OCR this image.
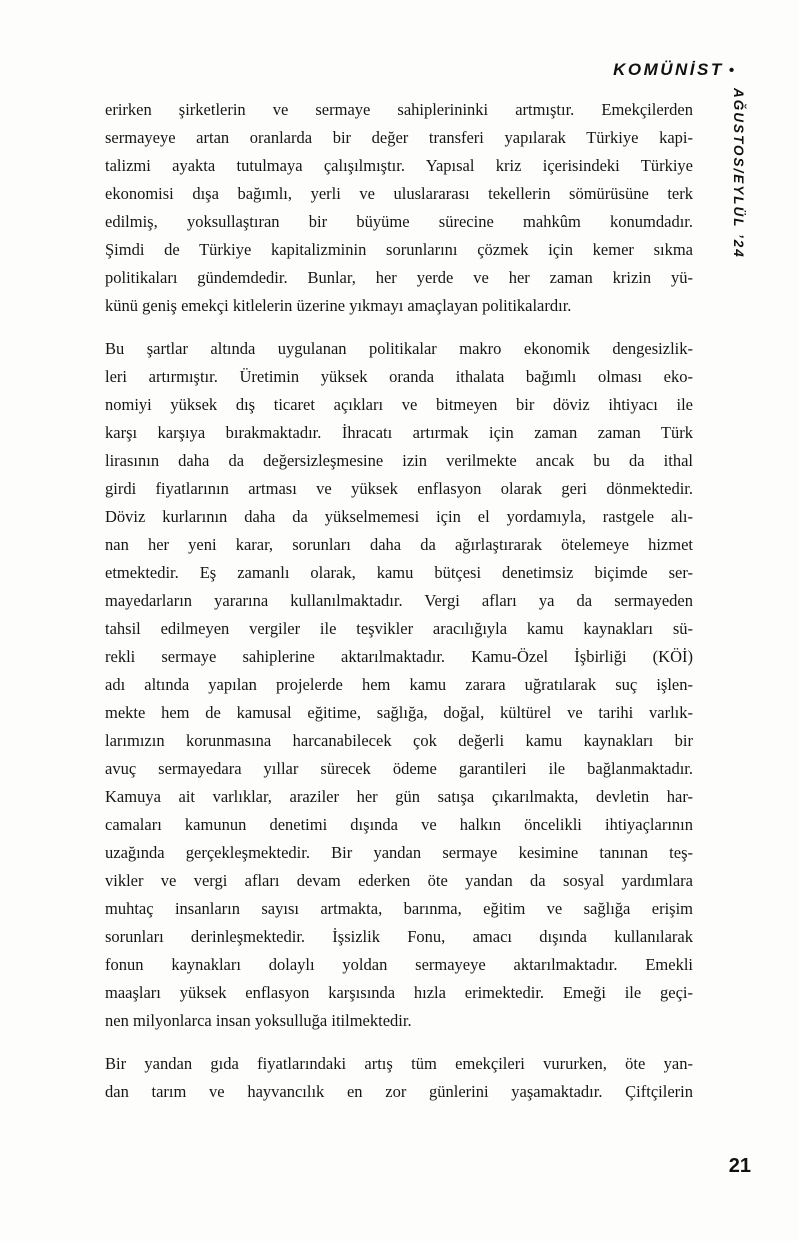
KOMÜNİST •
AĞUSTOS/EYLÜL ’24
erirken şirketlerin ve sermaye sahiplerininki artmıştır. Emekçilerden
sermayeye artan oranlarda bir değer transferi yapılarak Türkiye kapi-
talizmi ayakta tutulmaya çalışılmıştır. Yapısal kriz içerisindeki Türkiye
ekonomisi dışa bağımlı, yerli ve uluslararası tekellerin sömürüsüne terk
edilmiş, yoksullaştıran bir büyüme sürecine mahkûm konumdadır.
Şimdi de Türkiye kapitalizminin sorunlarını çözmek için kemer sıkma
politikaları gündemdedir. Bunlar, her yerde ve her zaman krizin yü-
künü geniş emekçi kitlelerin üzerine yıkmayı amaçlayan politikalardır.
Bu şartlar altında uygulanan politikalar makro ekonomik dengesizlik-
leri artırmıştır. Üretimin yüksek oranda ithalata bağımlı olması eko-
nomiyi yüksek dış ticaret açıkları ve bitmeyen bir döviz ihtiyacı ile
karşı karşıya bırakmaktadır. İhracatı artırmak için zaman zaman Türk
lirasının daha da değersizleşmesine izin verilmekte ancak bu da ithal
girdi fiyatlarının artması ve yüksek enflasyon olarak geri dönmektedir.
Döviz kurlarının daha da yükselmemesi için el yordamıyla, rastgele alı-
nan her yeni karar, sorunları daha da ağırlaştırarak ötelemeye hizmet
etmektedir. Eş zamanlı olarak, kamu bütçesi denetimsiz biçimde ser-
mayedarların yararına kullanılmaktadır. Vergi afları ya da sermayeden
tahsil edilmeyen vergiler ile teşvikler aracılığıyla kamu kaynakları sü-
rekli sermaye sahiplerine aktarılmaktadır. Kamu-Özel İşbirliği (KÖİ)
adı altında yapılan projelerde hem kamu zarara uğratılarak suç işlen-
mekte hem de kamusal eğitime, sağlığa, doğal, kültürel ve tarihi varlık-
larımızın korunmasına harcanabilecek çok değerli kamu kaynakları bir
avuç sermayedara yıllar sürecek ödeme garantileri ile bağlanmaktadır.
Kamuya ait varlıklar, araziler her gün satışa çıkarılmakta, devletin har-
camaları kamunun denetimi dışında ve halkın öncelikli ihtiyaçlarının
uzağında gerçekleşmektedir. Bir yandan sermaye kesimine tanınan teş-
vikler ve vergi afları devam ederken öte yandan da sosyal yardımlara
muhtaç insanların sayısı artmakta, barınma, eğitim ve sağlığa erişim
sorunları derinleşmektedir. İşsizlik Fonu, amacı dışında kullanılarak
fonun kaynakları dolaylı yoldan sermayeye aktarılmaktadır. Emekli
maaşları yüksek enflasyon karşısında hızla erimektedir. Emeği ile geçi-
nen milyonlarca insan yoksulluğa itilmektedir.
Bir yandan gıda fiyatlarındaki artış tüm emekçileri vururken, öte yan-
dan tarım ve hayvancılık en zor günlerini yaşamaktadır. Çiftçilerin
21
